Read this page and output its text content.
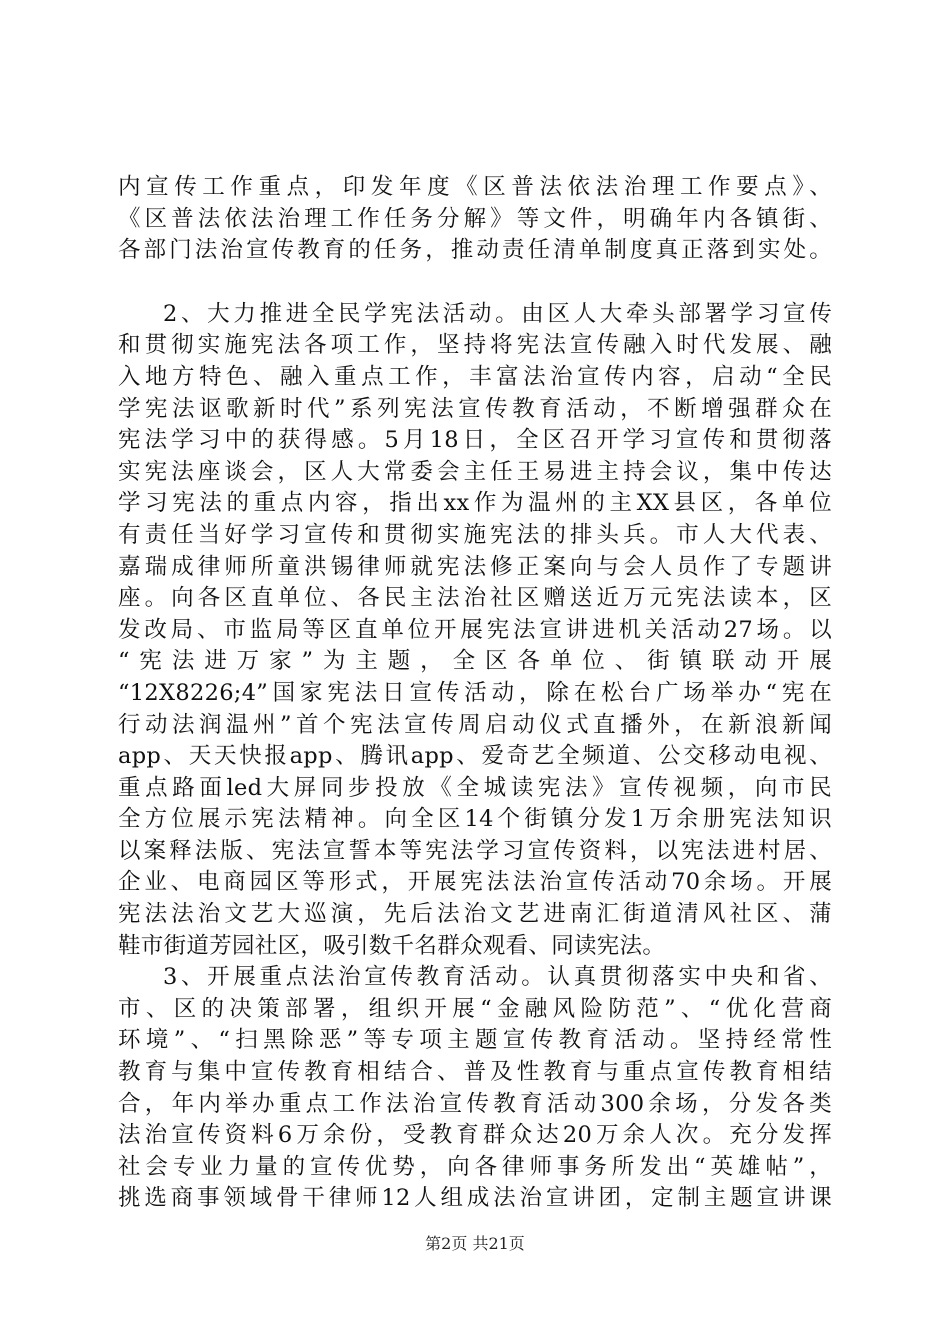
内宣传工作重点，印发年度《区普法依法治理工作要点》、

《区普法依法治理工作任务分解》等文件，明确年内各镇街、

各部门法治宣传教育的任务，推动责任清单制度真正落到实处。

2、大力推进全民学宪法活动。由区人大牵头部署学习宣传

和贯彻实施宪法各项工作，坚持将宪法宣传融入时代发展、融

入地方特色、融入重点工作，丰富法治宣传内容，启动“全民

学宪法讴歌新时代”系列宪法宣传教育活动，不断增强群众在

宪法学习中的获得感。5月18日，全区召开学习宣传和贯彻落

实宪法座谈会，区人大常委会主任王易进主持会议，集中传达

学习宪法的重点内容，指出xx作为温州的主XX县区，各单位

有责任当好学习宣传和贯彻实施宪法的排头兵。市人大代表、

嘉瑞成律师所童洪锡律师就宪法修正案向与会人员作了专题讲

座。向各区直单位、各民主法治社区赠送近万元宪法读本，区

发改局、市监局等区直单位开展宪法宣讲进机关活动27场。以

“宪法进万家”为主题，全区各单位、街镇联动开展

“12X8226;4”国家宪法日宣传活动，除在松台广场举办“宪在

行动法润温州”首个宪法宣传周启动仪式直播外，在新浪新闻

app、天天快报app、腾讯app、爱奇艺全频道、公交移动电视、

重点路面led大屏同步投放《全城读宪法》宣传视频，向市民

全方位展示宪法精神。向全区14个街镇分发1万余册宪法知识

以案释法版、宪法宣誓本等宪法学习宣传资料，以宪法进村居、

企业、电商园区等形式，开展宪法法治宣传活动70余场。开展

宪法法治文艺大巡演，先后法治文艺进南汇街道清风社区、蒲

鞋市街道芳园社区，吸引数千名群众观看、同读宪法。

3、开展重点法治宣传教育活动。认真贯彻落实中央和省、

市、区的决策部署，组织开展“金融风险防范”、“优化营商

环境”、“扫黑除恶”等专项主题宣传教育活动。坚持经常性

教育与集中宣传教育相结合、普及性教育与重点宣传教育相结

合，年内举办重点工作法治宣传教育活动300余场，分发各类

法治宣传资料6万余份，受教育群众达20万余人次。充分发挥

社会专业力量的宣传优势，向各律师事务所发出“英雄帖”，

挑选商事领域骨干律师12人组成法治宣讲团，定制主题宣讲课

第2页 共21页
